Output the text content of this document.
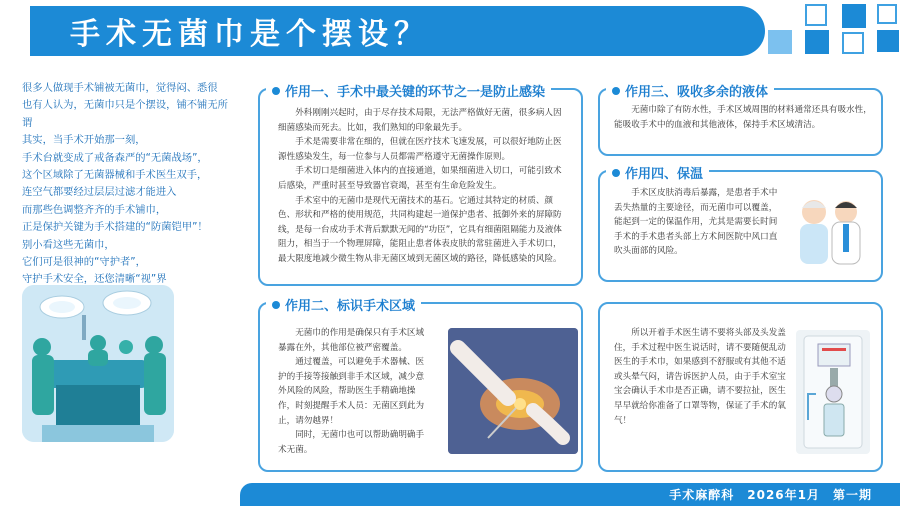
手术无菌巾是个摆设？
很多人做现手术铺被无菌巾，觉得闷、悉很
也有人认为，无菌巾只是个摆设，铺不铺无所谓
其实，当手术开始那一刻，
手术台就变成了戒备森严的“无菌战场”，
这个区域除了无菌器械和手术医生双手，
连空气都要经过层层过滤才能进入
而那些色调整齐齐的手术铺巾，
正是保护关键为手术搭建的“防菌铠甲”！
别小看这些无菌巾，
它们可是很神的“守护者”，
守护手术安全，还您清晰“视”界

外科刚刚兴起时，由于尽存技术局限，无法严格做好无菌，很多病人因细菌感染而死去。比如，我们熟知的印象最先手。

手术是需要非常在细的，但就在医疗技术飞速发展，可以很好地防止医源性感染发生，每一位参与人员都需严格遵守无菌操作原则。

手术切口是细菌进入体内的直接通道，如果细菌进入切口，可能引致术后感染，严重时甚至导致器官衰竭，甚至有生命危险发生。

手术室中的无菌巾是现代无菌技术的基石。它通过其特定的材质、颜色、形状和严格的使用规范，共同构建起一道保护患者、抵御外来的屏障防线，是每一台成功手术背后默默无闻的“功臣”，它具有细菌阻隔能力及液体阻力，相当于一个物理屏障，能阻止患者体表皮肤的常驻菌进入手术切口，最大限度地减少微生物从非无菌区域到无菌区域的路径，降低感染的风险。

作用一、手术中最关键的环节之一是防止感染

无菌巾的作用是确保只有手术区域暴露在外，其他部位被严密覆盖。

通过覆盖，可以避免手术器械、医护的手接等接触到非手术区域，减少意外风险的风险，帮助医生手精确地操作，时刻提醒手术人员：无菌区到此为止，请勿越界！

同时，无菌巾也可以帮助确明确手术无菌。

作用二、标识手术区域

无菌巾除了有防水性，手术区域周围的材料通常还具有吸水性，能吸收手术中的血液和其他液体，保持手术区域清洁。

作用三、吸收多余的液体

手术区皮肤消毒后暴露，是患者手术中丢失热量的主要途径，而无菌巾可以覆盖，能起到一定的保温作用，尤其是需要长时间手术的手术患者头部上方术间医院中风口直吹头面部的风险。

作用四、保温

所以开着手术医生请不要将头部及头发盖住，手术过程中医生说话时，请不要随便乱动医生的手术巾，如果感到不舒服或有其他不适或头晕气闷，请告诉医护人员，由于手术室宝宝会确认手术巾是否正确，请不要拉扯，医生早早就给你准备了口罩等物，保证了手术的氧气！

手术麻醉科　2026年1月　第一期
